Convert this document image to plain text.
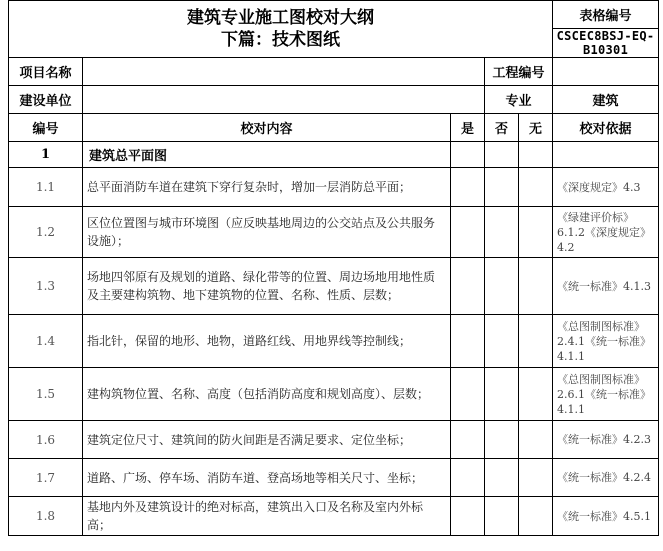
建筑专业施工图校对大纲
下篇：技术图纸					表格编号
					CSCEC8BSJ-EQ-B10301
项目名称			工程编号		
建设单位			专业		建筑
编号	校对内容	是	否	无	校对依据
1	建筑总平面图				
1.1	总平面消防车道在建筑下穿行复杂时，增加一层消防总平面；				《深度规定》4.3
1.2	区位位置图与城市环境图（应反映基地周边的公交站点及公共服务设施）；				《绿建评价标》6.1.2《深度规定》4.2
1.3	场地四邻原有及规划的道路、绿化带等的位置、周边场地用地性质及主要建构筑物、地下建筑物的位置、名称、性质、层数；				《统一标准》4.1.3
1.4	指北针，保留的地形、地物，道路红线、用地界线等控制线；				《总图制图标准》2.4.1《统一标准》4.1.1
1.5	建构筑物位置、名称、高度（包括消防高度和规划高度）、层数；				《总图制图标准》2.6.1《统一标准》4.1.1
1.6	建筑定位尺寸、建筑间的防火间距是否满足要求、定位坐标；				《统一标准》4.2.3
1.7	道路、广场、停车场、消防车道、登高场地等相关尺寸、坐标；				《统一标准》4.2.4
1.8	基地内外及建筑设计的绝对标高，建筑出入口及名称及室内外标高；				《统一标准》4.5.1
